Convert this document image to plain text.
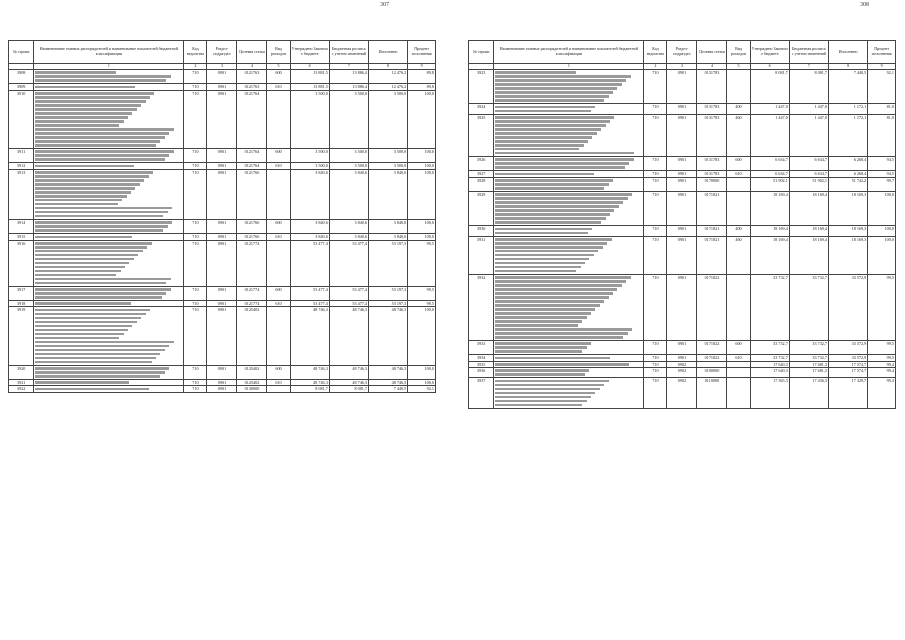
307
№ строки	Наименование главных распорядителей и наименование показателей бюджетной классификации	Код ведомства	Раздел-подраздел	Целевая статья	Вид расходов	Утверждено Законом о бюджете	Бюджетная роспись с учетом изменений	Исполнено	Процент исполнения
	1	2	3	4	5	6	7	8	9
3908		710	0901	0121763	600	13 881,5	13 886,4	12 476,2	89,8
3909		710	0901	0121763	610	13 881,5	13 886,4	12 476,2	89,8
3910		710	0901	0121764		3 500,0	3 500,0	3 500,0	100,0
3911		710	0901	0121764	600	3 500,0	3 500,0	3 500,0	100,0
3912		710	0901	0121764	610	3 500,0	3 500,0	3 500,0	100,0
3913		710	0901	0121766		3 840,6	3 840,6	3 840,6	100,0
3914		710	0901	0121766	600	3 840,6	3 840,6	3 840,6	100,0
3915		710	0901	0121766	610	3 840,6	3 840,6	3 840,6	100,0
3916		710	0901	0121774		53 477,4	53 477,4	53 197,3	99,5
3917		710	0901	0121774	600	53 477,4	53 477,4	53 197,3	99,5
3918		710	0901	0121774	610	53 477,4	53 477,4	53 197,3	99,5
3919		710	0901	0125402		48 746,3	48 746,3	48 746,3	100,0
3920		710	0901	0125402	600	48 746,3	48 746,3	48 746,3	100,0
3921		710	0901	0125402	610	48 746,3	48 746,3	48 746,3	100,0
3922		710	0901	0130000		8 081,7	8 081,7	7 440,5	92,1
308
№ строки	Наименование главных распорядителей и наименование показателей бюджетной классификации	Код ведомства	Раздел-подраздел	Целевая статья	Вид расходов	Утверждено Законом о бюджете	Бюджетная роспись с учетом изменений	Исполнено	Процент исполнения
	1	2	3	4	5	6	7	8	9
3923		710	0901	0131783		8 081,7	8 081,7	7 440,5	92,1
3924		710	0901	0131783	400	1 447,0	1 447,0	1 172,1	81,0
3925		710	0901	0131783	460	1 447,0	1 447,0	1 172,1	81,0
3926		710	0901	0131783	600	6 634,7	6 634,7	6 268,4	94,5
3927		710	0901	0131783	610	6 634,7	6 634,7	6 268,4	94,5
3928		710	0901	0170000		51 902,1	51 902,1	51 742,2	99,7
3929		710	0901	0171821		18 169,4	18 169,4	18 169,3	100,0
3930		710	0901	0171821	400	18 169,4	18 169,4	18 169,3	100,0
3931		710	0901	0171821	460	18 169,4	18 169,4	18 169,3	100,0
3932		710	0901	0171822		33 732,7	33 732,7	33 572,9	99,5
3933		710	0901	0171822	600	33 732,7	33 732,7	33 572,9	99,5
3934		710	0901	0171822	610	33 732,7	33 732,7	33 572,9	99,5
3935		710	0902			17 640,3	17 681,3	17 574,7	99,4
3936		710	0902	0100000		17 640,3	17 681,3	17 574,7	99,4
3937		710	0902	0110000		17 365,3	17 436,3	17 329,7	99,4
